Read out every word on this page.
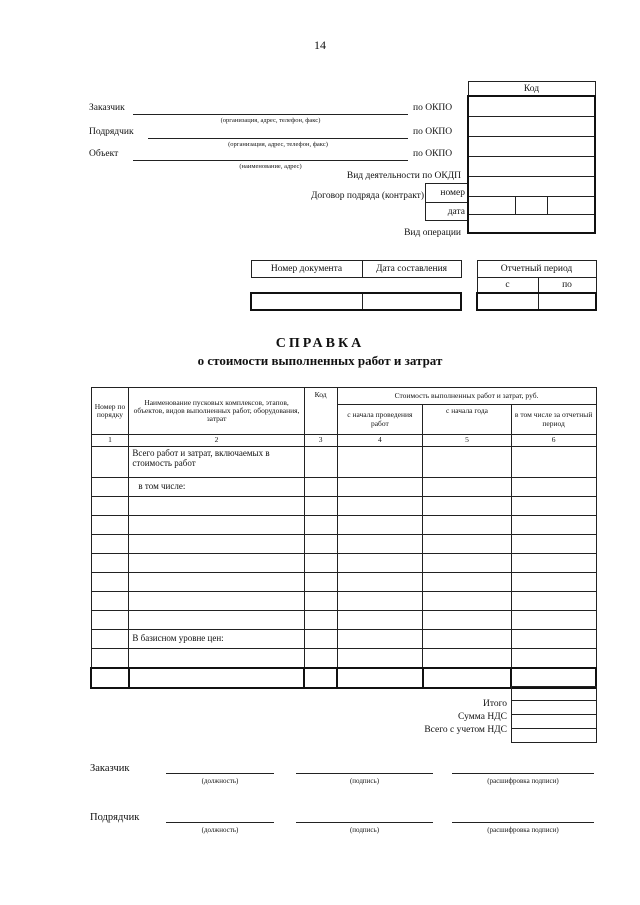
14
Код

Заказчик
(организация, адрес, телефон, факс)
по ОКПО
Подрядчик
(организация, адрес, телефон, факс)
по ОКПО
Объект
(наименование, адрес)
по ОКПО
Вид деятельности по ОКДП
Договор подряда (контракт)	номер
дата
Вид операции
Номер документа	Дата составления

		Отчетный период	
с	по

СПРАВКА
о стоимости выполненных работ и затрат
Номер по порядку	Наименование пусковых комплексов, этапов, объектов, видов выполненных работ, оборудования, затрат	Код	Стоимость выполненных работ и затрат, руб.		
			с начала проведения работ	с начала года	в том числе за отчетный период
1	2	3	4	5	6
	Всего работ и затрат, включаемых в стоимость работ				
	в том числе:				

	В базисном уровне цен:				

Итого
Сумма НДС
Всего с учетом НДС

Заказчик
(должность)	(подпись)	(расшифровка подписи)
Подрядчик
(должность)	(подпись)	(расшифровка подписи)
